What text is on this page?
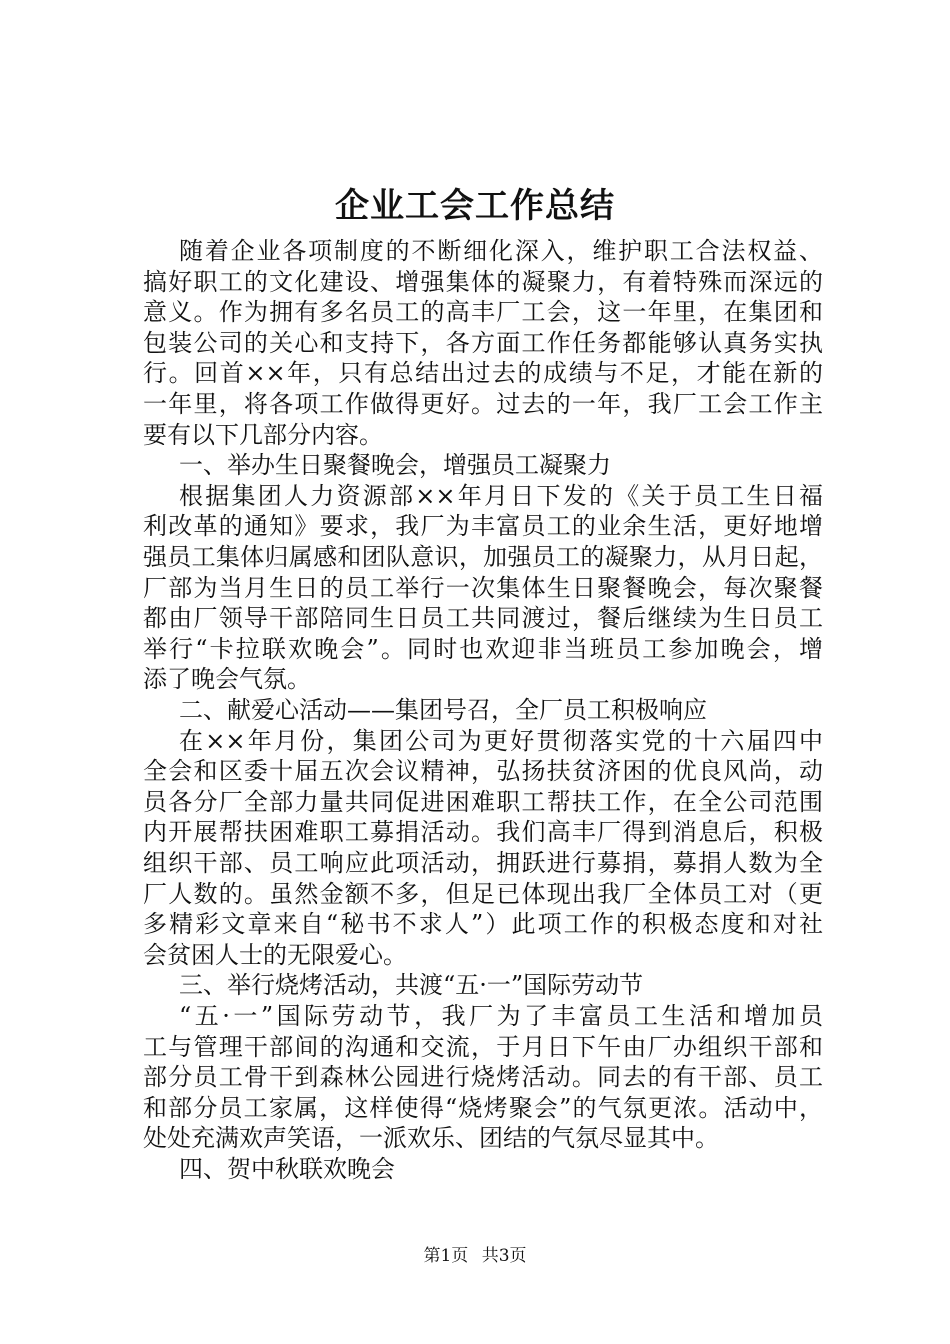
企业工会工作总结
随着企业各项制度的不断细化深入，维护职工合法权益、
搞好职工的文化建设、增强集体的凝聚力，有着特殊而深远的
意义。作为拥有多名员工的高丰厂工会，这一年里，在集团和
包装公司的关心和支持下，各方面工作任务都能够认真务实执
行。回首××年，只有总结出过去的成绩与不足，才能在新的
一年里，将各项工作做得更好。过去的一年，我厂工会工作主
要有以下几部分内容。
一、举办生日聚餐晚会，增强员工凝聚力
根据集团人力资源部××年月日下发的《关于员工生日福
利改革的通知》要求，我厂为丰富员工的业余生活，更好地增
强员工集体归属感和团队意识，加强员工的凝聚力，从月日起，
厂部为当月生日的员工举行一次集体生日聚餐晚会，每次聚餐
都由厂领导干部陪同生日员工共同渡过，餐后继续为生日员工
举行“卡拉联欢晚会”。同时也欢迎非当班员工参加晚会，增
添了晚会气氛。
二、献爱心活动——集团号召，全厂员工积极响应
在××年月份，集团公司为更好贯彻落实党的十六届四中
全会和区委十届五次会议精神，弘扬扶贫济困的优良风尚，动
员各分厂全部力量共同促进困难职工帮扶工作，在全公司范围
内开展帮扶困难职工募捐活动。我们高丰厂得到消息后，积极
组织干部、员工响应此项活动，拥跃进行募捐，募捐人数为全
厂人数的。虽然金额不多，但足已体现出我厂全体员工对（更
多精彩文章来自“秘书不求人”）此项工作的积极态度和对社
会贫困人士的无限爱心。
三、举行烧烤活动，共渡“五·一”国际劳动节
“五·一”国际劳动节，我厂为了丰富员工生活和增加员
工与管理干部间的沟通和交流，于月日下午由厂办组织干部和
部分员工骨干到森林公园进行烧烤活动。同去的有干部、员工
和部分员工家属，这样使得“烧烤聚会”的气氛更浓。活动中，
处处充满欢声笑语，一派欢乐、团结的气氛尽显其中。
四、贺中秋联欢晚会
第1页 共3页
